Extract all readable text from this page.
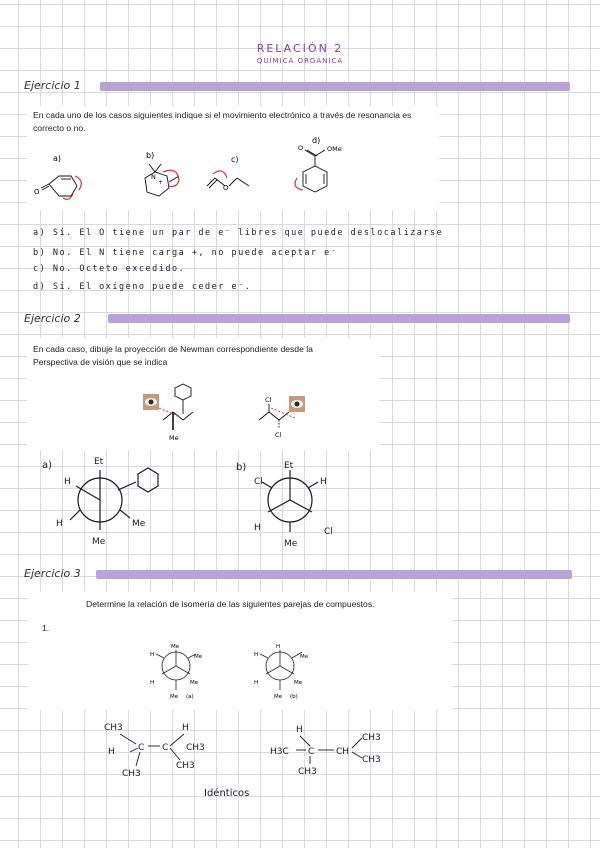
RELACIÓN 2
QUÍMICA ORGÁNICA
Ejercicio 1
En cada uno de los casos siguientes indique si el movimiento electrónico a través de resonancia es correcto o no.
a)	b)	c)
d)
O
N
+
O
O	OMe
a) Sí. El O tiene un par de e⁻ libres que puede deslocalizarse
b) No. El N tiene carga +, no puede aceptar e⁻
c) No. Octeto excedido.
d) Sí. El oxígeno puede ceder e⁻.
Ejercicio 2
En cada caso, dibuje la proyección de Newman correspondiente desde la
Perspectiva de visión que se indica
Me
Cl
Cl
a)	Et
H
Me
H	Me
b)	Et
Cl	H
H
Me
Cl
Ejercicio 3
Determine la relación de isomería de las siguientes parejas de compuestos.
1.
Me
H	Me
H	Me
Me (a)
H
H	Me
H	Me
Me (b)
CH3	H
H	C C CH3
CH3
CH3
H
H3C C CH
CH3
CH3
CH3
Idénticos
